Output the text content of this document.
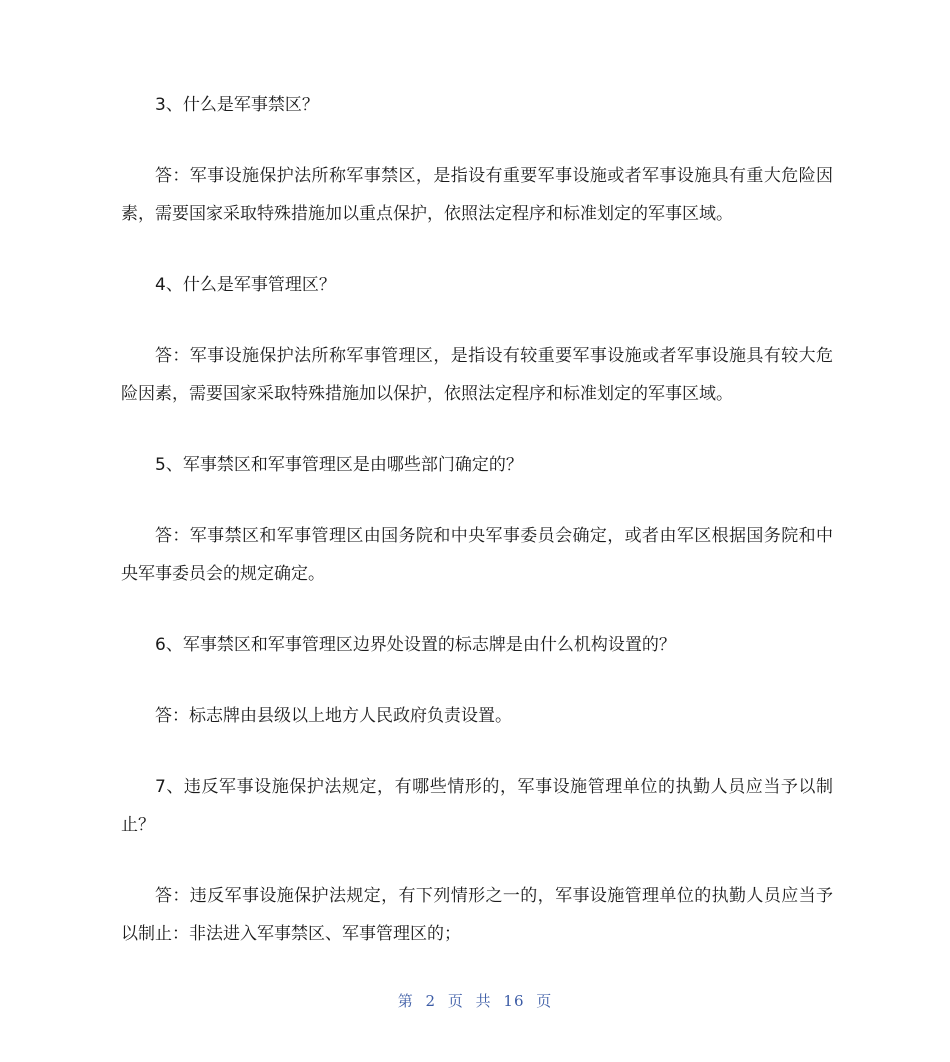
3、什么是军事禁区？

答：军事设施保护法所称军事禁区，是指设有重要军事设施或者军事设施具有重大危险因素，需要国家采取特殊措施加以重点保护，依照法定程序和标准划定的军事区域。

4、什么是军事管理区？

答：军事设施保护法所称军事管理区，是指设有较重要军事设施或者军事设施具有较大危险因素，需要国家采取特殊措施加以保护，依照法定程序和标准划定的军事区域。

5、军事禁区和军事管理区是由哪些部门确定的？

答：军事禁区和军事管理区由国务院和中央军事委员会确定，或者由军区根据国务院和中央军事委员会的规定确定。

6、军事禁区和军事管理区边界处设置的标志牌是由什么机构设置的？

答：标志牌由县级以上地方人民政府负责设置。

7、违反军事设施保护法规定，有哪些情形的，军事设施管理单位的执勤人员应当予以制止？

答：违反军事设施保护法规定，有下列情形之一的，军事设施管理单位的执勤人员应当予以制止：非法进入军事禁区、军事管理区的；

第 2 页 共 16 页
